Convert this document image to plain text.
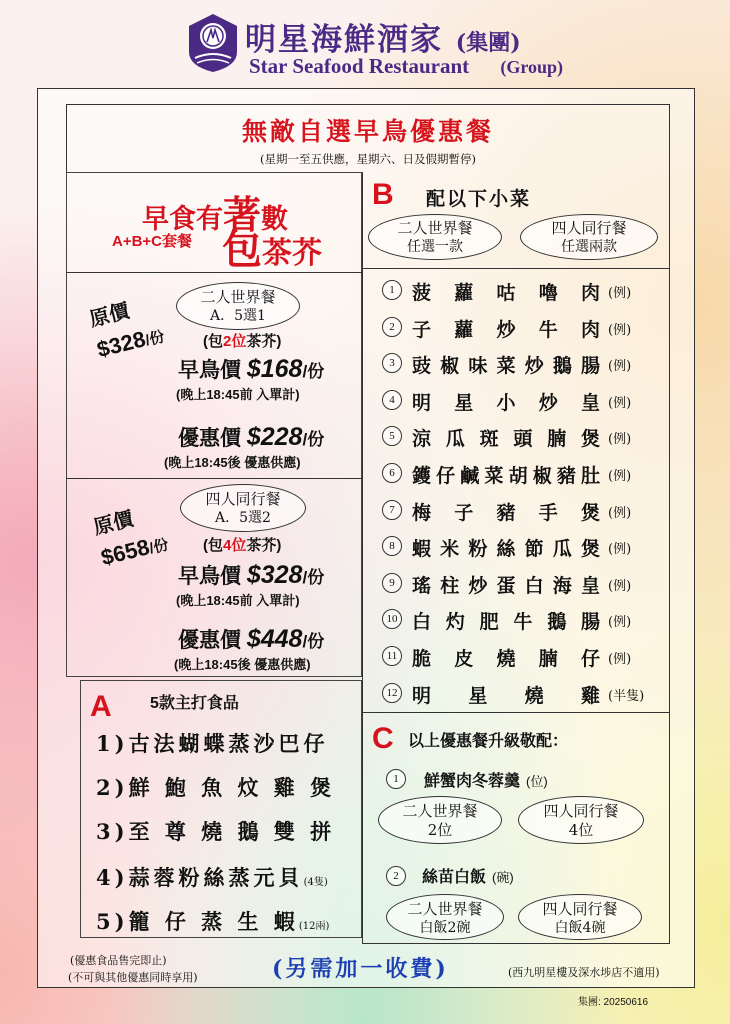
明星海鮮酒家 (集團)
Star Seafood Restaurant (Group)
無敵自選早鳥優惠餐
(星期一至五供應，星期六、日及假期暫停)
早食有著數
A+B+C套餐 包茶芥
二人世界餐
A．5選1
原價
$328/份 (包2位茶芥)
早鳥價 $168/份
(晚上18:45前 入單計)
優惠價 $228/份
(晚上18:45後 優惠供應)
四人同行餐
A．5選2
原價
$658/份 (包4位茶芥)
早鳥價 $328/份
(晚上18:45前 入單計)
優惠價 $448/份
(晚上18:45後 優惠供應)
A 5款主打食品
1)古法蝴蝶蒸沙巴仔
2)鮮 鮑 魚 炆 雞 煲
3)至 尊 燒 鵝 雙 拼
4)蒜蓉粉絲蒸元貝(4隻)
5)籠 仔 蒸 生 蝦(12兩)
B 配以下小菜
二人世界餐
任選一款
四人同行餐
任選兩款
1 菠 蘿 咕 嚕 肉 (例)
2 子 蘿 炒 牛 肉 (例)
3 豉 椒 味 菜 炒 鵝 腸 (例)
4 明 星 小 炒 皇 (例)
5 涼 瓜 斑 頭 腩 煲 (例)
6 鑊 仔 鹹 菜 胡 椒 豬 肚 (例)
7 梅 子 豬 手 煲 (例)
8 蝦 米 粉 絲 節 瓜 煲 (例)
9 瑤 柱 炒 蛋 白 海 皇 (例)
10 白 灼 肥 牛 鵝 腸 (例)
11 脆 皮 燒 腩 仔 (例)
12 明 星 燒 雞 (半隻)
C 以上優惠餐升級敬配：
1	鮮蟹肉冬蓉羹 (位)
二人世界餐
2位
四人同行餐
4位
2	絲苗白飯 (碗)
二人世界餐
白飯2碗
四人同行餐
白飯4碗
(優惠食品售完即止)
(不可與其他優惠同時享用)	(另需加一收費)	(西九明星樓及深水埗店不適用)
集團: 20250616
